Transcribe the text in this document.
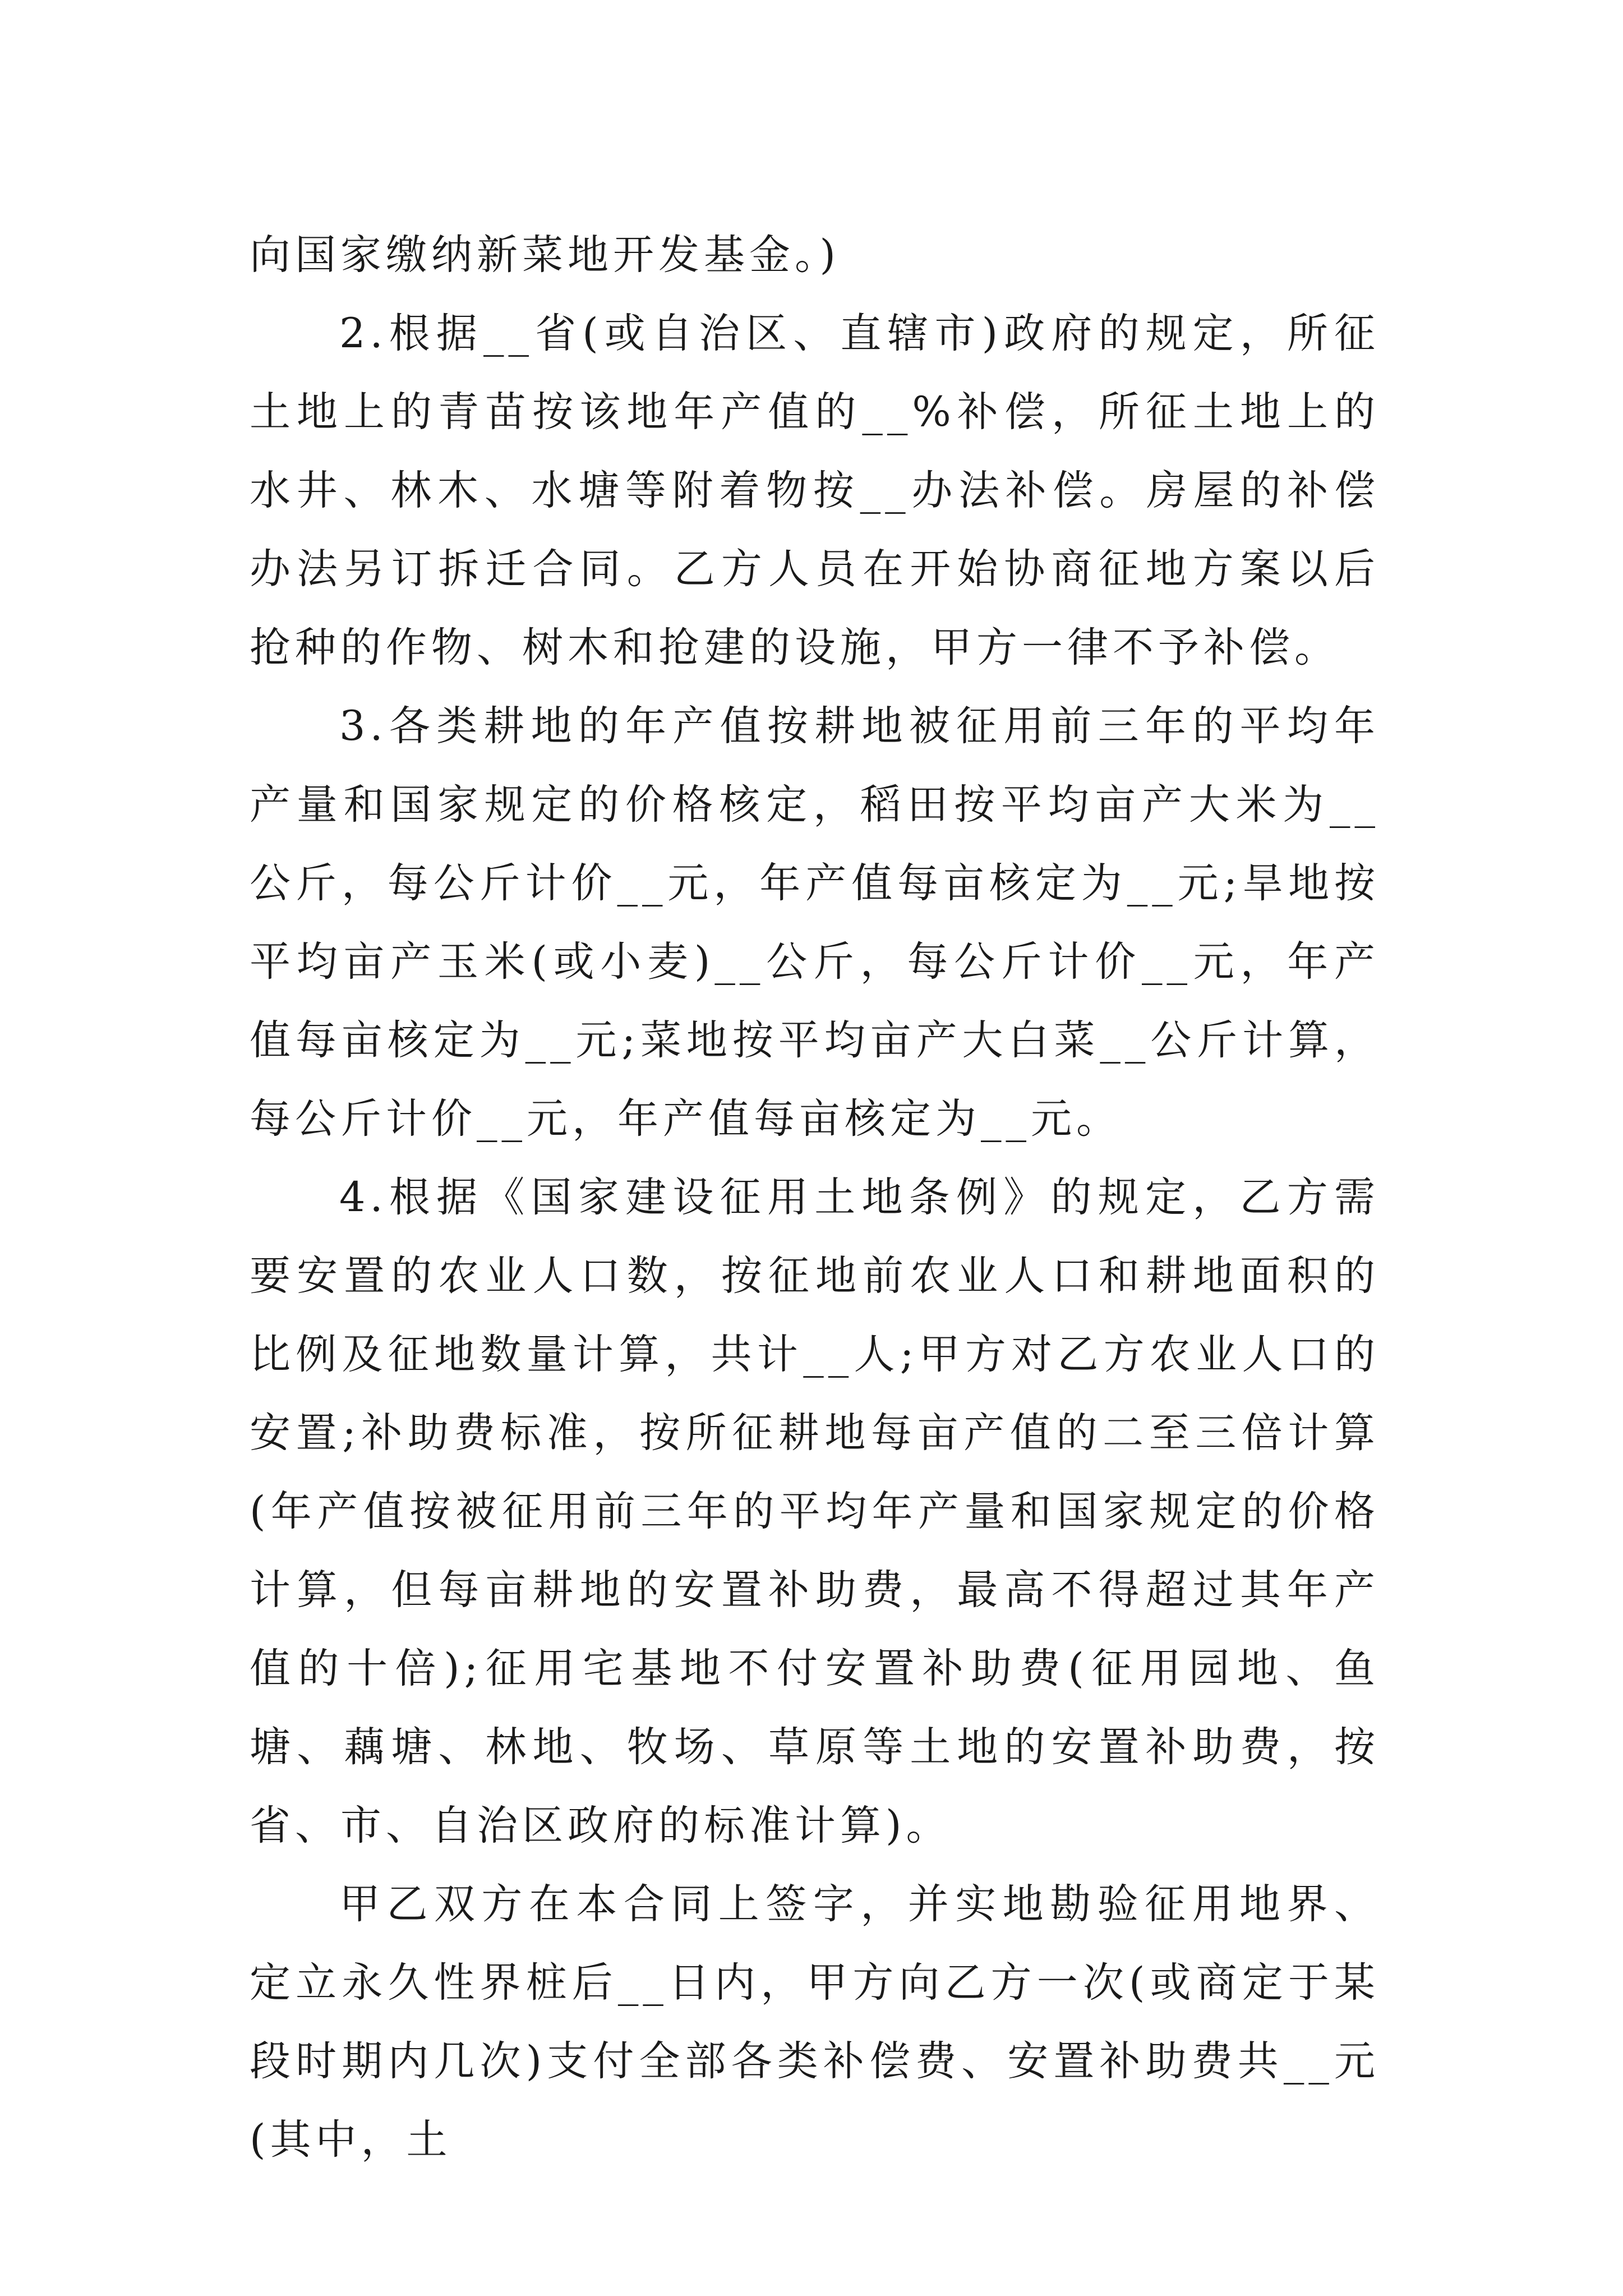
向国家缴纳新菜地开发基金。)

2.根据__省(或自治区、直辖市)政府的规定，所征土地上的青苗按该地年产值的__%补偿，所征土地上的水井、林木、水塘等附着物按__办法补偿。房屋的补偿办法另订拆迁合同。乙方人员在开始协商征地方案以后抢种的作物、树木和抢建的设施，甲方一律不予补偿。

3.各类耕地的年产值按耕地被征用前三年的平均年产量和国家规定的价格核定，稻田按平均亩产大米为__公斤，每公斤计价__元，年产值每亩核定为__元;旱地按平均亩产玉米(或小麦)__公斤，每公斤计价__元，年产值每亩核定为__元;菜地按平均亩产大白菜__公斤计算，每公斤计价__元，年产值每亩核定为__元。

4.根据《国家建设征用土地条例》的规定，乙方需要安置的农业人口数，按征地前农业人口和耕地面积的比例及征地数量计算，共计__人;甲方对乙方农业人口的安置;补助费标准，按所征耕地每亩产值的二至三倍计算(年产值按被征用前三年的平均年产量和国家规定的价格计算，但每亩耕地的安置补助费，最高不得超过其年产值的十倍);征用宅基地不付安置补助费(征用园地、鱼塘、藕塘、林地、牧场、草原等土地的安置补助费，按省、市、自治区政府的标准计算)。

甲乙双方在本合同上签字，并实地勘验征用地界、定立永久性界桩后__日内，甲方向乙方一次(或商定于某段时期内几次)支付全部各类补偿费、安置补助费共__元(其中，土
